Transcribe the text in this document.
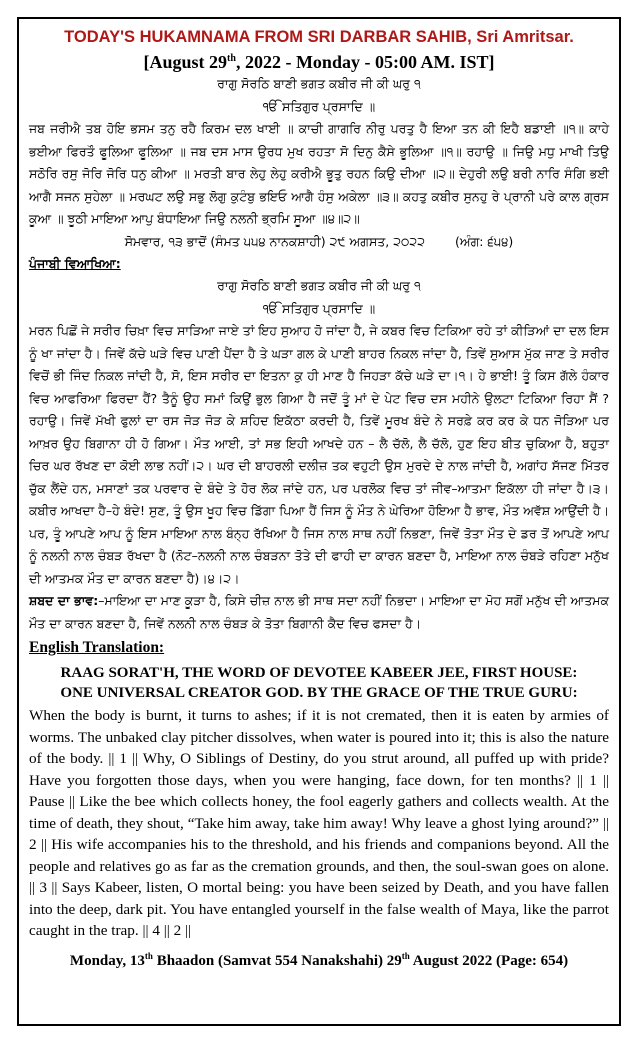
TODAY'S HUKAMNAMA FROM SRI DARBAR SAHIB, Sri Amritsar.
[August 29th, 2022 - Monday - 05:00 AM. IST]
ਰਾਗੁ ਸੋਰਠਿ ਬਾਣੀ ਭਗਤ ਕਬੀਰ ਜੀ ਕੀ ਘਰੁ ੧
ੴ ਸਤਿਗੁਰ ਪ੍ਰਸਾਦਿ ॥
ਜਬ ਜਰੀਐ ਤਬ ਹੋਇ ਭਸਮ ਤਨੁ ਰਹੈ ਕਿਰਮ ਦਲ ਖਾਈ ॥ ਕਾਚੀ ਗਾਗਰਿ ਨੀਰੁ ਪਰਤੁ ਹੈ ਇਆ ਤਨ ਕੀ ਇਹੈ ਬਡਾਈ ॥੧॥ ਕਾਹੇ ਭਈਆ ਫਿਰਤੌ ਫੂਲਿਆ ਫੂਲਿਆ ॥ ਜਬ ਦਸ ਮਾਸ ਉਰਧ ਮੁਖ ਰਹਤਾ ਸੋ ਦਿਨੁ ਕੈਸੇ ਭੂਲਿਆ ॥੧॥ ਰਹਾਉ ॥ ਜਿਉ ਮਧੁ ਮਾਖੀ ਤਿਉ ਸਠੋਰਿ ਰਸੁ ਜੋਰਿ ਜੋਰਿ ਧਨੁ ਕੀਆ ॥ ਮਰਤੀ ਬਾਰ ਲੇਹੁ ਲੇਹੁ ਕਰੀਐ ਭੂਤੁ ਰਹਨ ਕਿਉ ਦੀਆ ॥੨॥ ਦੇਹੁਰੀ ਲਉ ਬਰੀ ਨਾਰਿ ਸੰਗਿ ਭਈ ਆਗੈ ਸਜਨ ਸੁਹੇਲਾ ॥ ਮਰਘਟ ਲਉ ਸਭੁ ਲੋਗੁ ਕੁਟੰਬੁ ਭਇਓ ਆਗੈ ਹੰਸੁ ਅਕੇਲਾ ॥੩॥ ਕਹਤੁ ਕਬੀਰ ਸੁਨਹੁ ਰੇ ਪ੍ਰਾਨੀ ਪਰੇ ਕਾਲ ਗ੍ਰਸ ਕੂਆ ॥ ਝੂਠੀ ਮਾਇਆ ਆਪੁ ਬੰਧਾਇਆ ਜਿਉ ਨਲਨੀ ਭ੍ਰਮਿ ਸੂਆ ॥੪॥੨॥
ਸੋਮਵਾਰ, ੧੩ ਭਾਦੋਂ (ਸੰਮਤ ੫੫੪ ਨਾਨਕਸ਼ਾਹੀ) ੨੯ ਅਗਸਤ, ੨੦੨੨ (ਅੰਗ: ੬੫੪)
ਪੰਜਾਬੀ ਵਿਆਖਿਆ:
ਰਾਗੁ ਸੋਰਠਿ ਬਾਣੀ ਭਗਤ ਕਬੀਰ ਜੀ ਕੀ ਘਰੁ ੧
ੴ ਸਤਿਗੁਰ ਪ੍ਰਸਾਦਿ ॥
ਮਰਨ ਪਿਛੋਂ ਜੇ ਸਰੀਰ ਚਿਖ਼ਾ ਵਿਚ ਸਾੜਿਆ ਜਾਏ ਤਾਂ ਇਹ ਸੁਆਹ ਹੋ ਜਾਂਦਾ ਹੈ, ਜੇ ਕਬਰ ਵਿਚ ਟਿਕਿਆ ਰਹੇ ਤਾਂ ਕੀੜਿਆਂ ਦਾ ਦਲ ਇਸ ਨੂੰ ਖਾ ਜਾਂਦਾ ਹੈ। ਜਿਵੇਂ ਕੱਚੇ ਘੜੇ ਵਿਚ ਪਾਣੀ ਪੈਂਦਾ ਹੈ ਤੇ ਘੜਾ ਗਲ ਕੇ ਪਾਣੀ ਬਾਹਰ ਨਿਕਲ ਜਾਂਦਾ ਹੈ, ਤਿਵੇਂ ਸੁਆਸ ਮੁੱਕ ਜਾਣ ਤੇ ਸਰੀਰ ਵਿਚੋਂ ਭੀ ਜਿੰਦ ਨਿਕਲ ਜਾਂਦੀ ਹੈ, ਸੋ, ਇਸ ਸਰੀਰ ਦਾ ਇਤਨਾ ਕੁ ਹੀ ਮਾਣ ਹੈ ਜਿਹੜਾ ਕੱਚੇ ਘੜੇ ਦਾ।੧। ਹੇ ਭਾਈ! ਤੂੰ ਕਿਸ ਗੱਲੇ ਹੰਕਾਰ ਵਿਚ ਆਫਰਿਆ ਫਿਰਦਾ ਹੈਂ? ਤੈਨੂੰ ਉਹ ਸਮਾਂ ਕਿਉਂ ਭੁਲ ਗਿਆ ਹੈ ਜਦੋਂ ਤੂੰ ਮਾਂ ਦੇ ਪੇਟ ਵਿਚ ਦਸ ਮਹੀਨੇ ਉਲਟਾ ਟਿਕਿਆ ਰਿਹਾ ਸੈਂ ? ਰਹਾਉ। ਜਿਵੇਂ ਮੱਖੀ ਫੁਲਾਂ ਦਾ ਰਸ ਜੋੜ ਜੋੜ ਕੇ ਸ਼ਹਿਦ ਇਕੱਠਾ ਕਰਦੀ ਹੈ, ਤਿਵੇਂ ਮੂਰਖ ਬੰਦੇ ਨੇ ਸਰਫ਼ੇ ਕਰ ਕਰ ਕੇ ਧਨ ਜੋੜਿਆ ਪਰ ਆਖ਼ਰ ਉਹ ਬਿਗਾਨਾ ਹੀ ਹੋ ਗਿਆ। ਮੌਤ ਆਈ, ਤਾਂ ਸਭ ਇਹੀ ਆਖਦੇ ਹਨ – ਲੈ ਚੱਲੋ, ਲੈ ਚੱਲੋ, ਹੁਣ ਇਹ ਬੀਤ ਚੁਕਿਆ ਹੈ, ਬਹੁਤਾ ਚਿਰ ਘਰ ਰੱਖਣ ਦਾ ਕੋਈ ਲਾਭ ਨਹੀਂ।੨। ਘਰ ਦੀ ਬਾਹਰਲੀ ਦਲੀਜ਼ ਤਕ ਵਹੁਟੀ ਉਸ ਮੁਰਦੇ ਦੇ ਨਾਲ ਜਾਂਦੀ ਹੈ, ਅਗਾਂਹ ਸੱਜਣ ਮਿੱਤਰ ਚੁੱਕ ਲੈਂਦੇ ਹਨ, ਮਸਾਣਾਂ ਤਕ ਪਰਵਾਰ ਦੇ ਬੰਦੇ ਤੇ ਹੋਰ ਲੋਕ ਜਾਂਦੇ ਹਨ, ਪਰ ਪਰਲੋਕ ਵਿਚ ਤਾਂ ਜੀਵ–ਆਤਮਾ ਇਕੱਲਾ ਹੀ ਜਾਂਦਾ ਹੈ।੩। ਕਬੀਰ ਆਖਦਾ ਹੈ–ਹੇ ਬੰਦੇ! ਸੁਣ, ਤੂੰ ਉਸ ਖੂਹ ਵਿਚ ਡਿੱਗਾ ਪਿਆ ਹੈਂ ਜਿਸ ਨੂੰ ਮੌਤ ਨੇ ਘੇਰਿਆ ਹੋਇਆ ਹੈ ਭਾਵ, ਮੌਤ ਅਵੱਸ਼ ਆਉਂਦੀ ਹੈ। ਪਰ, ਤੂੰ ਆਪਣੇ ਆਪ ਨੂੰ ਇਸ ਮਾਇਆ ਨਾਲ ਬੰਨ੍ਹ ਰੱਖਿਆ ਹੈ ਜਿਸ ਨਾਲ ਸਾਥ ਨਹੀਂ ਨਿਭਣਾ, ਜਿਵੇਂ ਤੋਤਾ ਮੌਤ ਦੇ ਡਰ ਤੋਂ ਆਪਣੇ ਆਪ ਨੂੰ ਨਲਨੀ ਨਾਲ ਚੰਬੜ ਰੱਖਦਾ ਹੈ (ਨੋਟ–ਨਲਨੀ ਨਾਲ ਚੰਬੜਨਾ ਤੋਤੇ ਦੀ ਫਾਹੀ ਦਾ ਕਾਰਨ ਬਣਦਾ ਹੈ, ਮਾਇਆ ਨਾਲ ਚੰਬੜੇ ਰਹਿਣਾ ਮਨੁੱਖ ਦੀ ਆਤਮਕ ਮੌਤ ਦਾ ਕਾਰਨ ਬਣਦਾ ਹੈ)।੪।੨।
ਸ਼ਬਦ ਦਾ ਭਾਵ:–ਮਾਇਆ ਦਾ ਮਾਣ ਕੂੜਾ ਹੈ, ਕਿਸੇ ਚੀਜ਼ ਨਾਲ ਭੀ ਸਾਥ ਸਦਾ ਨਹੀਂ ਨਿਭਦਾ। ਮਾਇਆ ਦਾ ਮੋਹ ਸਗੋਂ ਮਨੁੱਖ ਦੀ ਆਤਮਕ ਮੌਤ ਦਾ ਕਾਰਨ ਬਣਦਾ ਹੈ, ਜਿਵੇਂ ਨਲਨੀ ਨਾਲ ਚੰਬੜ ਕੇ ਤੋਤਾ ਬਿਗਾਨੀ ਕੈਦ ਵਿਚ ਫਸਦਾ ਹੈ।
English Translation:
RAAG SORAT'H, THE WORD OF DEVOTEE KABEER JEE, FIRST HOUSE:
ONE UNIVERSAL CREATOR GOD. BY THE GRACE OF THE TRUE GURU:
When the body is burnt, it turns to ashes; if it is not cremated, then it is eaten by armies of worms. The unbaked clay pitcher dissolves, when water is poured into it; this is also the nature of the body. || 1 || Why, O Siblings of Destiny, do you strut around, all puffed up with pride? Have you forgotten those days, when you were hanging, face down, for ten months? || 1 || Pause || Like the bee which collects honey, the fool eagerly gathers and collects wealth. At the time of death, they shout, “Take him away, take him away! Why leave a ghost lying around?” || 2 || His wife accompanies his to the threshold, and his friends and companions beyond. All the people and relatives go as far as the cremation grounds, and then, the soul-swan goes on alone. || 3 || Says Kabeer, listen, O mortal being: you have been seized by Death, and you have fallen into the deep, dark pit. You have entangled yourself in the false wealth of Maya, like the parrot caught in the trap. || 4 || 2 ||
Monday, 13th Bhaadon (Samvat 554 Nanakshahi) 29th August 2022 (Page: 654)
